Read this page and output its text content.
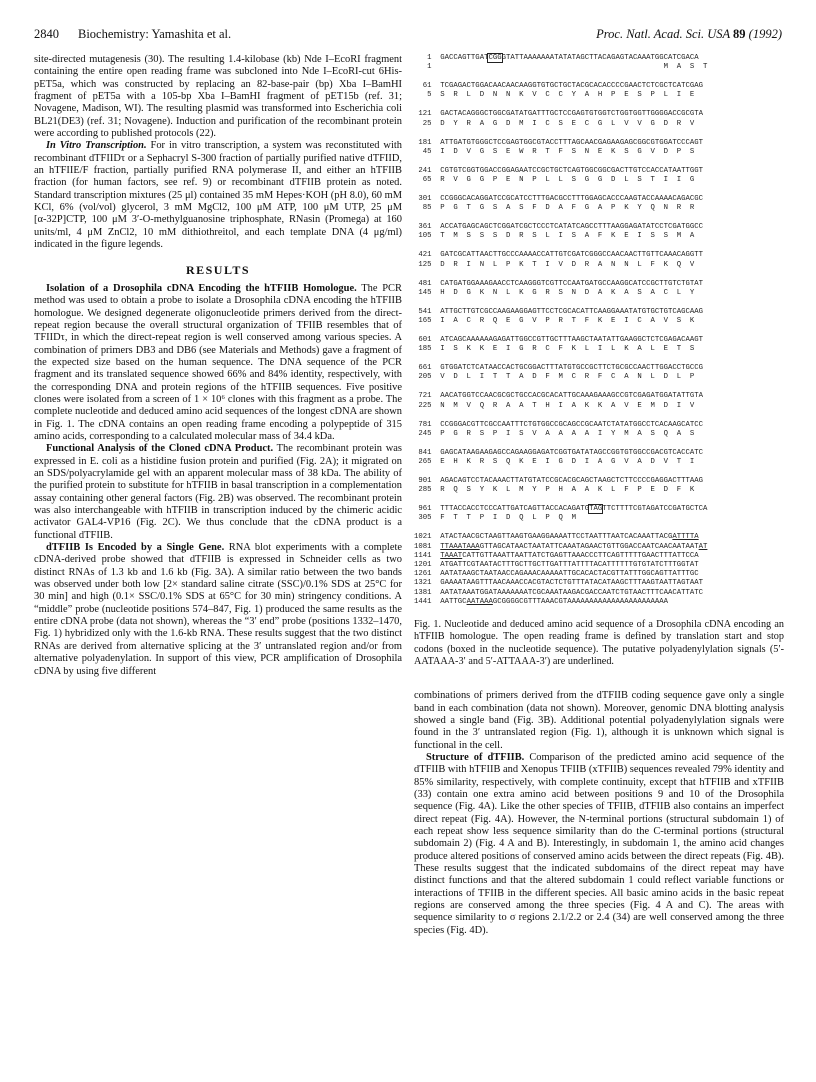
2840 Biochemistry: Yamashita et al.	Proc. Natl. Acad. Sci. USA 89 (1992)

site-directed mutagenesis (30). The resulting 1.4-kilobase (kb) Nde I–EcoRI fragment containing the entire open reading frame was subcloned into Nde I–EcoRI-cut 6His-pET5a, which was constructed by replacing an 82-base-pair (bp) Xba I–BamHI fragment of pET5a with a 105-bp Xba I–BamHI fragment of pET15b (ref. 31; Novagene, Madison, WI). The resulting plasmid was transformed into Escherichia coli BL21(DE3) (ref. 31; Novagene). Induction and purification of the recombinant protein were according to published protocols (22).

In Vitro Transcription. For in vitro transcription, a system was reconstituted with recombinant dTFIIDτ or a Sephacryl S-300 fraction of partially purified native dTFIID, an hTFIIE/F fraction, partially purified RNA polymerase II, and either an hTFIIB fraction (for human factors, see ref. 9) or recombinant dTFIIB protein as noted. Standard transcription mixtures (25 μl) contained 35 mM Hepes·KOH (pH 8.0), 60 mM KCl, 6% (vol/vol) glycerol, 3 mM MgCl2, 100 μM ATP, 100 μM UTP, 25 μM [α-32P]CTP, 100 μM 3′-O-methylguanosine triphosphate, RNasin (Promega) at 160 units/ml, 4 μM ZnCl2, 10 mM dithiothreitol, and each template DNA (4 μg/ml) indicated in the figure legends.

RESULTS

Isolation of a Drosophila cDNA Encoding the hTFIIB Homologue. The PCR method was used to obtain a probe to isolate a Drosophila cDNA encoding the hTFIIB homologue. We designed degenerate oligonucleotide primers derived from the direct-repeat region because the overall structural organization of TFIIB resembles that of TFIIDτ, in which the direct-repeat region is well conserved among various species. A combination of primers DB3 and DB6 (see Materials and Methods) gave a fragment of the expected size based on the human sequence. The DNA sequence of the PCR fragment and its translated sequence showed 66% and 84% identity, respectively, with the corresponding DNA and protein regions of the hTFIIB sequences. Five positive clones were isolated from a screen of 1 × 10⁶ clones with this fragment as a probe. The complete nucleotide and deduced amino acid sequences of the longest cDNA are shown in Fig. 1. The cDNA contains an open reading frame encoding a polypeptide of 315 amino acids, corresponding to a calculated molecular mass of 34.4 kDa.

Functional Analysis of the Cloned cDNA Product. The recombinant protein was expressed in E. coli as a histidine fusion protein and purified (Fig. 2A); it migrated on an SDS/polyacrylamide gel with an apparent molecular mass of 38 kDa. The ability of the purified protein to substitute for hTFIIB in basal transcription in a complementation assay containing other general factors (Fig. 2B) was observed. The recombinant protein was also interchangeable with hTFIIB in transcription induced by the chimeric acidic activator GAL4-VP16 (Fig. 2C). We thus conclude that the cDNA product is a functional dTFIIB.

dTFIIB Is Encoded by a Single Gene. RNA blot experiments with a complete cDNA-derived probe showed that dTFIIB is expressed in Schneider cells as two distinct RNAs of 1.3 kb and 1.6 kb (Fig. 3A). A similar ratio between the two bands was observed under both low [2× standard saline citrate (SSC)/0.1% SDS at 25°C for 30 min] and high (0.1× SSC/0.1% SDS at 65°C for 30 min) stringency conditions. A “middle” probe (nucleotide positions 574–847, Fig. 1) produced the same results as the entire cDNA probe (data not shown), whereas the “3′ end” probe (positions 1332–1470, Fig. 1) hybridized only with the 1.6-kb RNA. These results suggest that the two distinct RNAs are derived from alternative splicing at the 3′ untranslated region and/or from alternative polyadenylation. In support of this view, PCR amplification of Drosophila cDNA by using five different

1  GACCAGTTGATCGGGTATTAAAAAAATATATAGCTTACAGAGTACAAATGGCATCGACA
1                                                     M  A  S  T
61  TCGAGACTGGACAACAACAAGGTGTGCTGCTACGCACACCCCGAACTCTCGCTCATCGAG
5  S  R  L  D  N  N  K  V  C  C  Y  A  H  P  E  S  P  L  I  E
121  GACTACAGGGCTGGCGATATGATTTGCTCCGAGTGTGGTCTGGTGGTTGGGGACCGCGTA
25  D  Y  R  A  G  D  M  I  C  S  E  C  G  L  V  V  G  D  R  V
181  ATTGATGTGGGCTCCGAGTGGCGTACCTTTAGCAACGAGAAGAGCGGCGTGGATCCCAGT
45  I  D  V  G  S  E  W  R  T  F  S  N  E  K  S  G  V  D  P  S
241  CGTGTCGGTGGACCGGAGAATCCGCTGCTCAGTGGCGGCGACTTGTCCACCATAATTGGT
65  R  V  G  G  P  E  N  P  L  L  S  G  G  D  L  S  T  I  I  G
301  CCGGGCACAGGATCCGCATCCTTTGACGCCTTTGGAGCACCCAAGTACCAAAACAGACGC
85  P  G  T  G  S  A  S  F  D  A  F  G  A  P  K  Y  Q  N  R  R
361  ACCATGAGCAGCTCGGATCGCTCCCTCATATCAGCCTTTAAGGAGATATCCTCGATGGCC
105  T  M  S  S  S  D  R  S  L  I  S  A  F  K  E  I  S  S  M  A
421  GATCGCATTAACTTGCCCAAAACCATTGTCGATCGGGCCAACAACTTGTTCAAACAGGTT
125  D  R  I  N  L  P  K  T  I  V  D  R  A  N  N  L  F  K  Q  V
481  CATGATGGAAAGAACCTCAAGGGTCGTTCCAATGATGCCAAGGCATCCGCTTGTCTGTAT
145  H  D  G  K  N  L  K  G  R  S  N  D  A  K  A  S  A  C  L  Y
541  ATTGCTTGTCGCCAAGAAGGAGTTCCTCGCACATTCAAGGAAATATGTGCTGTCAGCAAG
165  I  A  C  R  Q  E  G  V  P  R  T  F  K  E  I  C  A  V  S  K
601  ATCAGCAAAAAAGAGATTGGCCGTTGCTTTAAGCTAATATTGAAGGCTCTCGAGACAAGT
185  I  S  K  K  E  I  G  R  C  F  K  L  I  L  K  A  L  E  T  S
661  GTGGATCTCATAACCACTGCGGACTTTATGTGCCGCTTCTGCGCCAACTTGGACCTGCCG
205  V  D  L  I  T  T  A  D  F  M  C  R  F  C  A  N  L  D  L  P
721  AACATGGTCCAACGCGCTGCCACGCACATTGCAAAGAAAGCCGTCGAGATGGATATTGTA
225  N  M  V  Q  R  A  A  T  H  I  A  K  K  A  V  E  M  D  I  V
781  CCGGGACGTTCGCCAATTTCTGTGGCCGCAGCCGCAATCTATATGGCCTCACAAGCATCC
245  P  G  R  S  P  I  S  V  A  A  A  A  I  Y  M  A  S  Q  A  S
841  GAGCATAAGAAGAGCCAGAAGGAGATCGGTGATATAGCCGGTGTGGCCGACGTCACCATC
265  E  H  K  R  S  Q  K  E  I  G  D  I  A  G  V  A  D  V  T  I
901  AGACAGTCCTACAAACTTATGTATCCGCACGCAGCTAAGCTCTTCCCCGAGGACTTTAAG
285  R  Q  S  Y  K  L  M  Y  P  H  A  A  K  L  F  P  E  D  F  K
961  TTTACCACCTCCCATTGATCAGTTACCACAGATGTAGTTCTTTTCGTAGATCCGATGCTCA
305  F  T  T  P  I  D  Q  L  P  Q  M
1021  ATACTAACGCTAAGTTAAGTGAAGGAAAATTCCTAATTTAATCACAAATTACGATTTTA
1081  TTAAATAAAGTTAGCATAACTAATATTCAAATAGAACTGTTGGACCAATCAACAATAATAT
1141  TAAATCATTGTTAAATTAATTATCTGAGTTAAACCCTTCAGTTTTTGAACTTTATTCCA
1201  ATGATTCGTAATACTTTGCTTGCTTGATTTATTTTACATTTTTTGTGTATCTTTGGTAT
1261  AATATAAGCTAATAACCAGAAACAAAAATTGCACACTACGTTATTTGGCAGTTATTTGC
1321  GAAAATAAGTTTAACAAACCACGTACTCTGTTTATACATAAGCTTTAAGTAATTAGTAAT
1381  AATATAAATGGATAAAAAAATCGCAAATAAGACGACCAATCTGTAACTTTCAACATTATC
1441  AATTGCAATAAAGCGGGGCGTTTAAACGTAAAAAAAAAAAAAAAAAAAAAAA
Fig. 1. Nucleotide and deduced amino acid sequence of a Drosophila cDNA encoding an hTFIIB homologue. The open reading frame is defined by translation start and stop codons (boxed in the nucleotide sequence). The putative polyadenylylation signals (5′-AATAAA-3′ and 5′-ATTAAA-3′) are underlined.

combinations of primers derived from the dTFIIB coding sequence gave only a single band in each combination (data not shown). Moreover, genomic DNA blotting analysis showed a single band (Fig. 3B). Additional potential polyadenylylation signals were found in the 3′ untranslated region (Fig. 1), although it is unknown which signal is functional in the cell.

Structure of dTFIIB. Comparison of the predicted amino acid sequence of the dTFIIB with hTFIIB and Xenopus TFIIB (xTFIIB) sequences revealed 79% identity and 85% similarity, respectively, with complete continuity, except that hTFIIB and xTFIIB (33) contain one extra amino acid between positions 9 and 10 of the Drosophila sequence (Fig. 4A). Like the other species of TFIIB, dTFIIB also contains an imperfect direct repeat (Fig. 4A). However, the N-terminal portions (structural subdomain 1) of each repeat show less sequence similarity than do the C-terminal portions (structural subdomain 2) (Fig. 4 A and B). Interestingly, in subdomain 1, the amino acid changes produce altered positions of conserved amino acids between the direct repeats (Fig. 4B). These results suggest that the indicated subdomains of the direct repeat may have distinct functions and that the altered subdomain 1 could reflect variable functions or interactions of TFIIB in the different species. All basic amino acids in the basic repeat regions are conserved among the three species (Fig. 4 A and C). The areas with sequence similarity to σ regions 2.1/2.2 or 2.4 (34) are well conserved among the three species (Fig. 4D).
